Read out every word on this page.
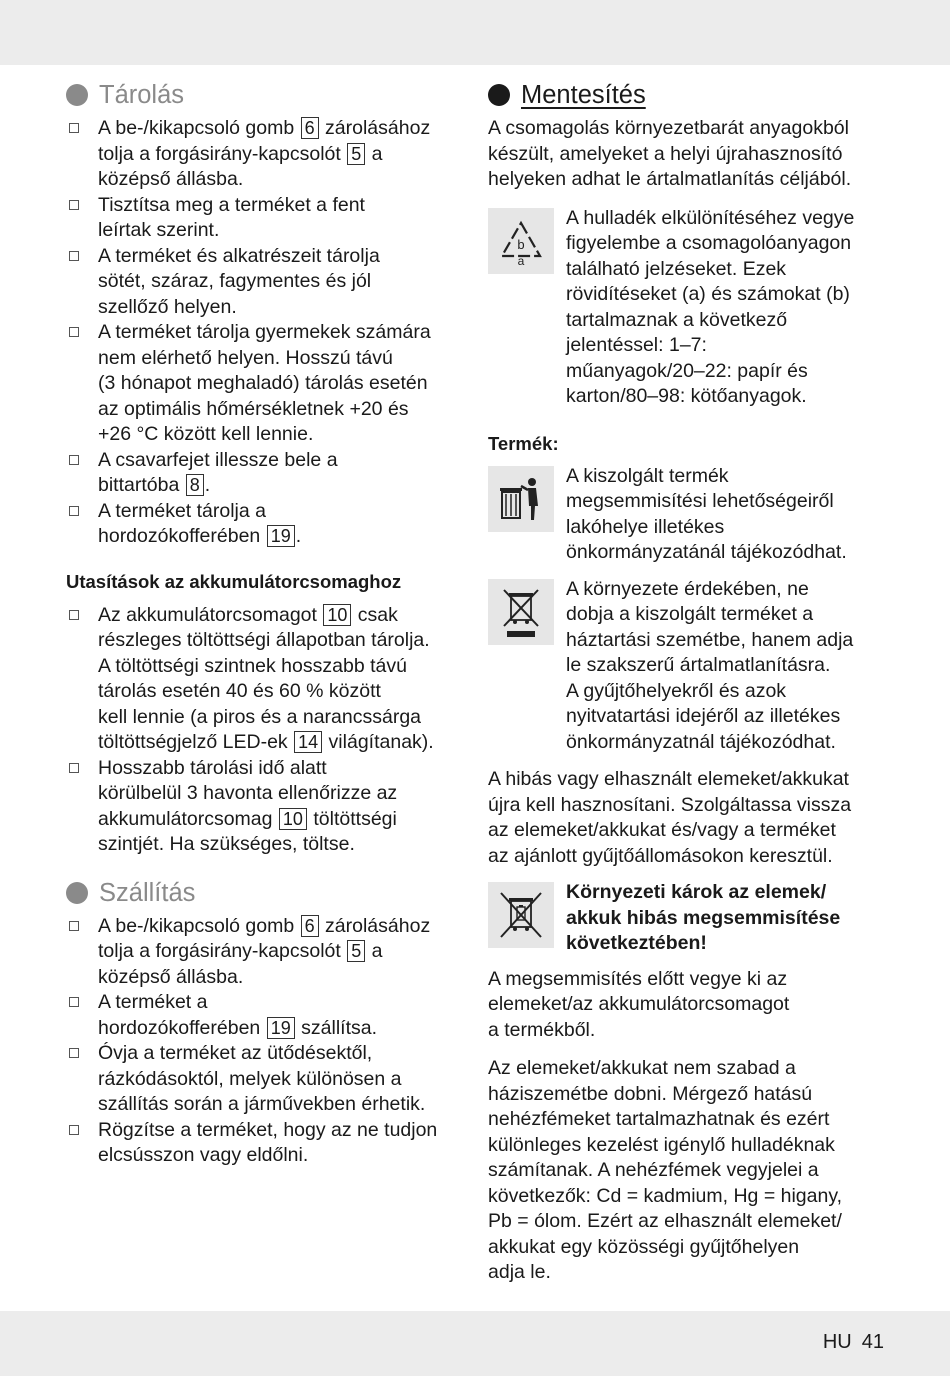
Tárolás
A be-/kikapcsoló gomb 6 zárolásához
tolja a forgásirány-kapcsolót 5 a
középső állásba.
Tisztítsa meg a terméket a fent
leírtak szerint.
A terméket és alkatrészeit tárolja
sötét, száraz, fagymentes és jól
szellőző helyen.
A terméket tárolja gyermekek számára
nem elérhető helyen. Hosszú távú
(3 hónapot meghaladó) tárolás esetén
az optimális hőmérsékletnek +20 és
+26 °C között kell lennie.
A csavarfejet illessze bele a
bittartóba 8 .
A terméket tárolja a
hordozókofferében 19 .
Utasítások az akkumulátorcsomaghoz
Az akkumulátorcsomagot 10 csak
részleges töltöttségi állapotban tárolja.
A töltöttségi szintnek hosszabb távú
tárolás esetén 40 és 60 % között
kell lennie (a piros és a narancssárga
töltöttségjelző LED-ek 14 világítanak).
Hosszabb tárolási idő alatt
körülbelül 3 havonta ellenőrizze az
akkumulátorcsomag 10 töltöttségi
szintjét. Ha szükséges, töltse.
Szállítás
A be-/kikapcsoló gomb 6 zárolásához
tolja a forgásirány-kapcsolót 5 a
középső állásba.
A terméket a
hordozókofferében 19 szállítsa.
Óvja a terméket az ütődésektől,
rázkódásoktól, melyek különösen a
szállítás során a járművekben érhetik.
Rögzítse a terméket, hogy az ne tudjon
elcsússzon vagy eldőlni.
Mentesítés
A csomagolás környezetbarát anyagokból
készült, amelyeket a helyi újrahasznosító
helyeken adhat le ártalmatlanítás céljából.
b
a
A hulladék elkülönítéséhez vegye
figyelembe a csomagolóanyagon
található jelzéseket. Ezek
rövidítéseket (a) és számokat (b)
tartalmaznak a következő
jelentéssel: 1–7:
műanyagok/20–22: papír és
karton/80–98: kötőanyagok.
Termék:
A kiszolgált termék
megsemmisítési lehetőségeiről
lakóhelye illetékes
önkormányzatánál tájékozódhat.
A környezete érdekében, ne
dobja a kiszolgált terméket a
háztartási szemétbe, hanem adja
le szakszerű ártalmatlanításra.
A gyűjtőhelyekről és azok
nyitvatartási idejéről az illetékes
önkormányzatnál tájékozódhat.
A hibás vagy elhasznált elemeket/akkukat
újra kell hasznosítani. Szolgáltassa vissza
az elemeket/akkukat és/vagy a terméket
az ajánlott gyűjtőállomásokon keresztül.
Környezeti károk az elemek/
akkuk hibás megsemmisítése
következtében!
A megsemmisítés előtt vegye ki az
elemeket/az akkumulátorcsomagot
a termékből.
Az elemeket/akkukat nem szabad a
háziszemétbe dobni. Mérgező hatású
nehézfémeket tartalmazhatnak és ezért
különleges kezelést igénylő hulladéknak
számítanak. A nehézfémek vegyjelei a
következők: Cd = kadmium, Hg = higany,
Pb = ólom. Ezért az elhasznált elemeket/
akkukat egy közösségi gyűjtőhelyen
adja le.
HU 41
